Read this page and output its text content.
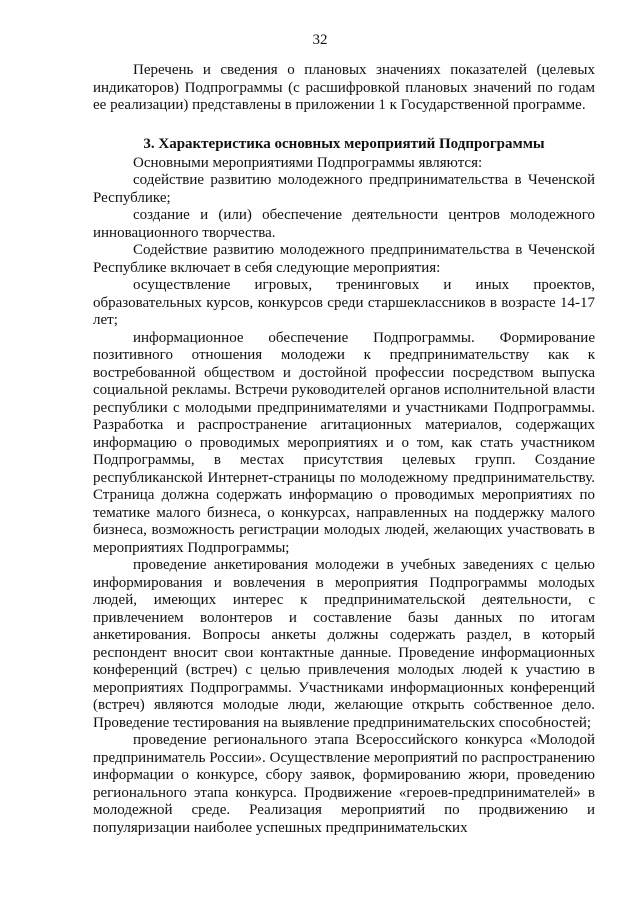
32

Перечень и сведения о плановых значениях показателей (целевых индикаторов) Подпрограммы (с расшифровкой плановых значений по годам ее реализации) представлены в приложении 1 к Государственной программе.

3. Характеристика основных мероприятий Подпрограммы

Основными мероприятиями Подпрограммы являются:

содействие развитию молодежного предпринимательства в Чеченской Республике;

создание и (или) обеспечение деятельности центров молодежного инновационного творчества.

Содействие развитию молодежного предпринимательства в Чеченской Республике включает в себя следующие мероприятия:

осуществление игровых, тренинговых и иных проектов, образовательных курсов, конкурсов среди старшеклассников в возрасте 14-17 лет;

информационное обеспечение Подпрограммы. Формирование позитивного отношения молодежи к предпринимательству как к востребованной обществом и достойной профессии посредством выпуска социальной рекламы. Встречи руководителей органов исполнительной власти республики с молодыми предпринимателями и участниками Подпрограммы. Разработка и распространение агитационных материалов, содержащих информацию о проводимых мероприятиях и о том, как стать участником Подпрограммы, в местах присутствия целевых групп. Создание республиканской Интернет-страницы по молодежному предпринимательству. Страница должна содержать информацию о проводимых мероприятиях по тематике малого бизнеса, о конкурсах, направленных на поддержку малого бизнеса, возможность регистрации молодых людей, желающих участвовать в мероприятиях Подпрограммы;

проведение анкетирования молодежи в учебных заведениях с целью информирования и вовлечения в мероприятия Подпрограммы молодых людей, имеющих интерес к предпринимательской деятельности, с привлечением волонтеров и составление базы данных по итогам анкетирования. Вопросы анкеты должны содержать раздел, в который респондент вносит свои контактные данные. Проведение информационных конференций (встреч) с целью привлечения молодых людей к участию в мероприятиях Подпрограммы. Участниками информационных конференций (встреч) являются молодые люди, желающие открыть собственное дело. Проведение тестирования на выявление предпринимательских способностей;

проведение регионального этапа Всероссийского конкурса «Молодой предприниматель России». Осуществление мероприятий по распространению информации о конкурсе, сбору заявок, формированию жюри, проведению регионального этапа конкурса. Продвижение «героев-предпринимателей» в молодежной среде. Реализация мероприятий по продвижению и популяризации наиболее успешных предпринимательских
